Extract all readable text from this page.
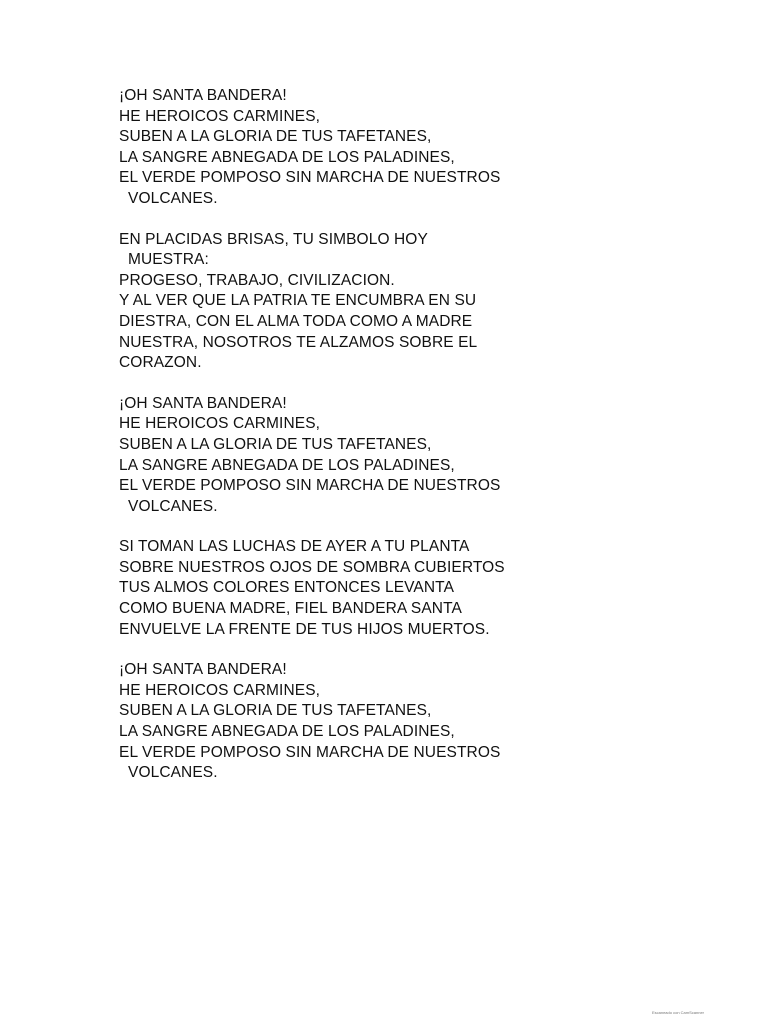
¡OH SANTA BANDERA!
HE HEROICOS CARMINES,
SUBEN A LA GLORIA DE TUS TAFETANES,
LA SANGRE ABNEGADA DE LOS PALADINES,
EL VERDE POMPOSO SIN MARCHA DE NUESTROS
VOLCANES.
EN PLACIDAS BRISAS, TU SIMBOLO HOY
MUESTRA:
PROGESO, TRABAJO, CIVILIZACION.
Y AL VER QUE LA PATRIA TE ENCUMBRA EN SU
DIESTRA, CON EL ALMA TODA COMO A MADRE
NUESTRA, NOSOTROS TE ALZAMOS SOBRE EL
CORAZON.
¡OH SANTA BANDERA!
HE HEROICOS CARMINES,
SUBEN A LA GLORIA DE TUS TAFETANES,
LA SANGRE ABNEGADA DE LOS PALADINES,
EL VERDE POMPOSO SIN MARCHA DE NUESTROS
VOLCANES.
SI TOMAN LAS LUCHAS DE AYER A TU PLANTA
SOBRE NUESTROS OJOS DE SOMBRA CUBIERTOS
TUS ALMOS COLORES ENTONCES LEVANTA
COMO BUENA MADRE, FIEL BANDERA SANTA
ENVUELVE LA FRENTE DE TUS HIJOS MUERTOS.
¡OH SANTA BANDERA!
HE HEROICOS CARMINES,
SUBEN A LA GLORIA DE TUS TAFETANES,
LA SANGRE ABNEGADA DE LOS PALADINES,
EL VERDE POMPOSO SIN MARCHA DE NUESTROS
VOLCANES.
Escaneado con CamScanner
